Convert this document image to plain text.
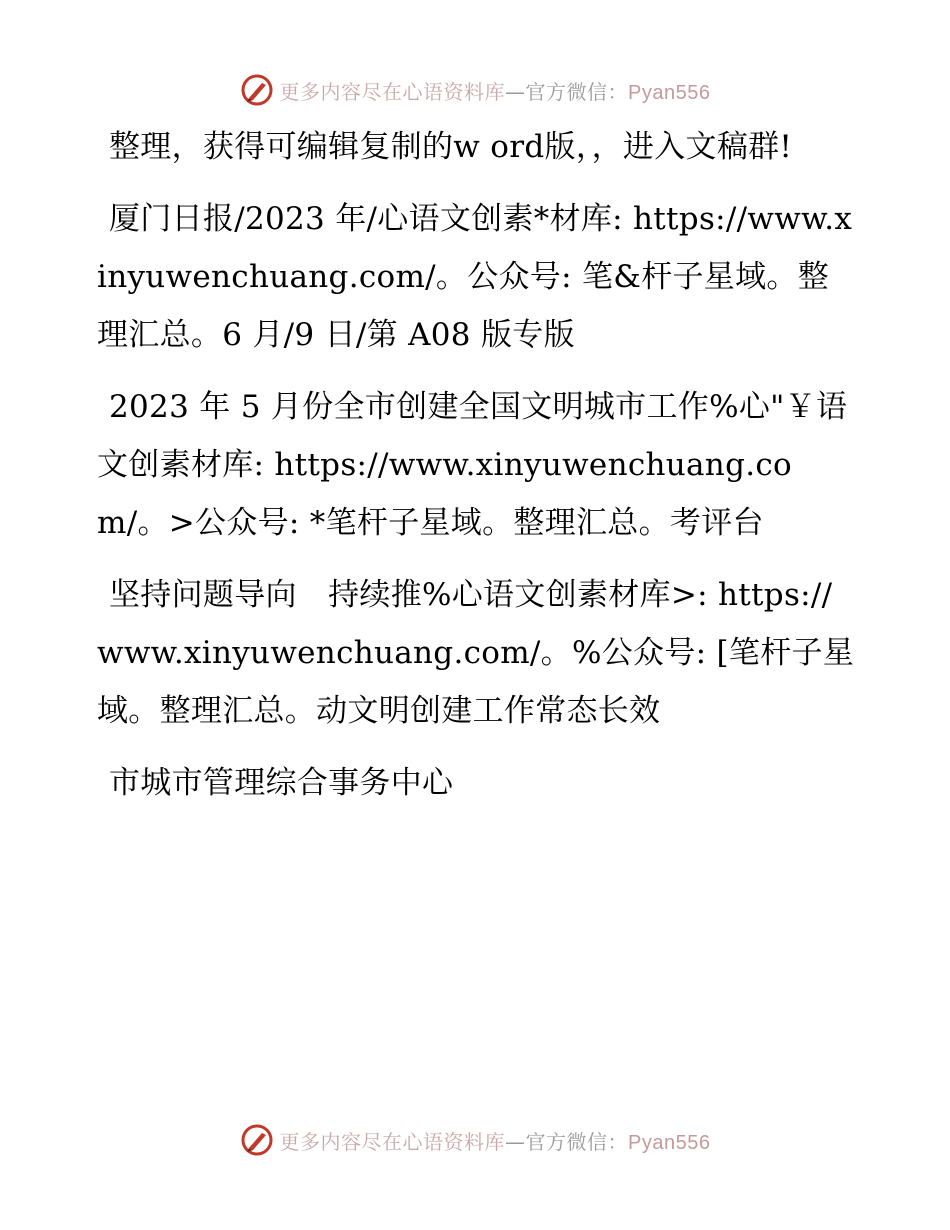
更多内容尽在心语资料库—官方微信：Pyan556

整理，获得可编辑复制的w ord版，，进入文稿群!

厦门日报/2023 年/心语文创素*材库: https://www.xinyuwenchuang.com/。公众号: 笔&杆子星域。整理汇总。6 月/9 日/第 A08 版专版

2023 年 5 月份全市创建全国文明城市工作%心"￥语文创素材库: https://www.xinyuwenchuang.com/。>公众号: *笔杆子星域。整理汇总。考评台

坚持问题导向　持续推%心语文创素材库>: https://www.xinyuwenchuang.com/。%公众号: [笔杆子星域。整理汇总。动文明创建工作常态长效

市城市管理综合事务中心

更多内容尽在心语资料库—官方微信：Pyan556
